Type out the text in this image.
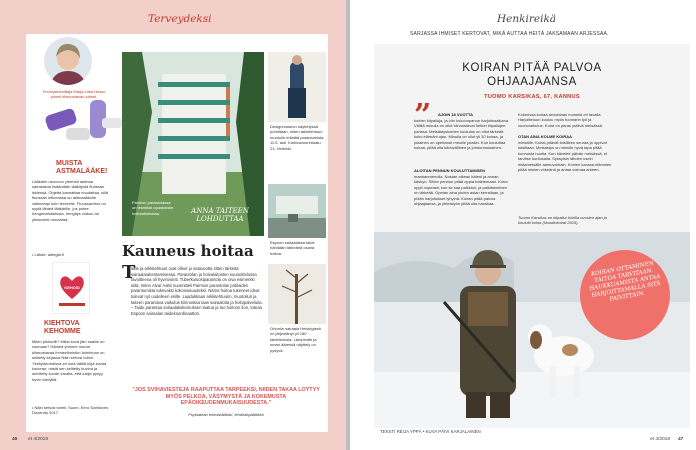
Terveydeksi
Terveystoimittaja Marja-Liisa Husso poimii kiinnostavat uutiset.
MUISTA ASTMALÄÄKE!
Lääkärin neuvoon yleensä astmaa sairastavia lisäämään lääkitystä flunssan iskiessä. Ohjetta kannattaa noudattaa, sillä flunssan influenssa on astmaatikolle vaikeampi kuin terveelle. Flunssaviirus on syytä lähteä lääkärille, jos potee hengenahdistusta, hengitys vinkuu tai yleisvointi romahtaa.
• Lähde: allergia.fi
KEHOSI
KIEHTOVA KEHOMME
Miten pikkurilli? Miksi kova jäin saaliin on soimaan? Hämeä yhmme muuta kiinnostavaa ihmiselimistön toiminnan on selitetty kirjassa Näin kehosi toimii. Yksityiskohdissa eri osia täällä kirja kuvaa korkean, mistä sen selitetty kuvina ja selvitetty kuvan varalta, että lukija pysyy hyvin kärryillä.
• Näin kehosi toimii. Suom. Eero Sorkkinen. Docendo 2017.
Paimion parantolassa on tekniikat opastuksiin hoitolaitoksissa.	ANNA TAITEEN LOHDUTTAA
Designmuseon näyttelyssä pohditaan, miten arkkitehtuuri muotoilu edistää parantumista. 11.5. asti. Korkeavuorenkatu 23, Helsinki.
Espoon sairaalassa taide nähdään tärkeänä osana hoitoa.
Ortoniin sairaala Helsingissä on järjestänyt yli 180 taideteoksia. Lämpimän ja oman ääressä näyttely on pysyvä.
Kauneus hoitaa
T
aide ja arkkitehtuuri ovat olleet jo satavuotta sitten tärkeitä sairaalarakentamisessa. Parantolan ja hoivalaitosten suunnittelussa tavoitteena oli hyvinvointi. Tuberkuloosiparantola on oiva esimerkki siitä, miten Alvar Aalto suunnitteli Paimion parantolan potilaiden parantumista tukevaksi kokonaisuudeksi. Nämä hoitoa tukeneet ideat tulevat nyt uudelleen esille. Laadukkaan arkkitehtuurin, muotoilun ja taiteen parantava vaikutus kiinnostaa taas sairaaloita ja hoitopalveluita. – Taide parantaa sairaalakokemuksen laatua ja tuo hoitoon ilon, toteaa Espoon sairaalan taidekoordinaattori.
”JOS SVIHAVIESTEJÄ RAAPUTTAA TARPEEKSI, NIIDEN TAKAA LÖYTYY MYÖS PELKOA, VÄSYMYSTÄ JA KOKEMUSTA EPÄOIKEUDENMUKAISUUDESTA.”
Psykiatrian erikoislääkäri, lehdistöpäällikkö
46 et 4/2018
Henkireikä
SARJASSA IHMISET KERTOVAT, MIKÄ AUTTAA HEITÄ JAKSAMAAN ARJESSAA.
KOIRAN PITÄÄ PALVOA
OHJAAJAANSA
TUOMO KARSIKAS, 67, KANNUS
” AJOIN 18 VUOTTA
koirien kilpailuja, ja olin kokoonpanon harjoitusaikana. Välillä minulla on ollut kiinnostavat hetket kilpailujen parissa. Metsästyskoirien koulutus on ollut tärkeää koko elämäni ajan. Minulla on ollut yli 30 koiraa, ja jokainen on opettanut minulle jotakin. Kun kouluttaa koiraa, pitää olla kärsivällinen ja johdonmukainen.
ALOITAN PENNUN KOULUTTAMISEN
maahanmenolla. Nostan oikean käteni ja annan käskyn. Sitten pennun pitää oppia tottelemaan. Koira oppii nopeasti, kun se saa palkkion, ja palkitseminen on tärkeää. Opetan aina yhden asian kerrallaan, ja pidän harjoitukset lyhyinä. Koiran pitää palvoa ohjaajaansa, ja yhteistyön pitää olla hauskaa.
Kokeessa koiraa arvioidaan monella eri tavalla. Harjoitteluun kuuluu myös tuomarin työ ja vuorovaikutus. Koira on paras ystävä metsässä.
OTAN AINA KOLME KOIRAA
metsälle. Koirat pitävät toisilleen seuraa ja oppivat toisiltaan. Metsästys on minulle hyvä tapa pitää kunnosta huolta. Kun kävelee päivän metsässä, ei tarvitse kuntosalia. Syksyisin lähden usein riistametsälle aamuvarhain. Koirien kanssa eläminen pitää mielen virkeänä ja antaa voimaa arkeen.
Tuomo Karsikas on kilpailut koirilla vuosien ajan ja koulutti koiria (Noudinkoirat 2015).
KOIRAN OTTAMINEN TAITOA TARVITAAN. HAUKKUAMISTA ANTAA HARJOITTAMALLA SITÄ PAIVITTAIN.
TEKSTI REIJA YPPÄ • KUVA PÄIVI KARJALAINEN
et 4/2018 47
